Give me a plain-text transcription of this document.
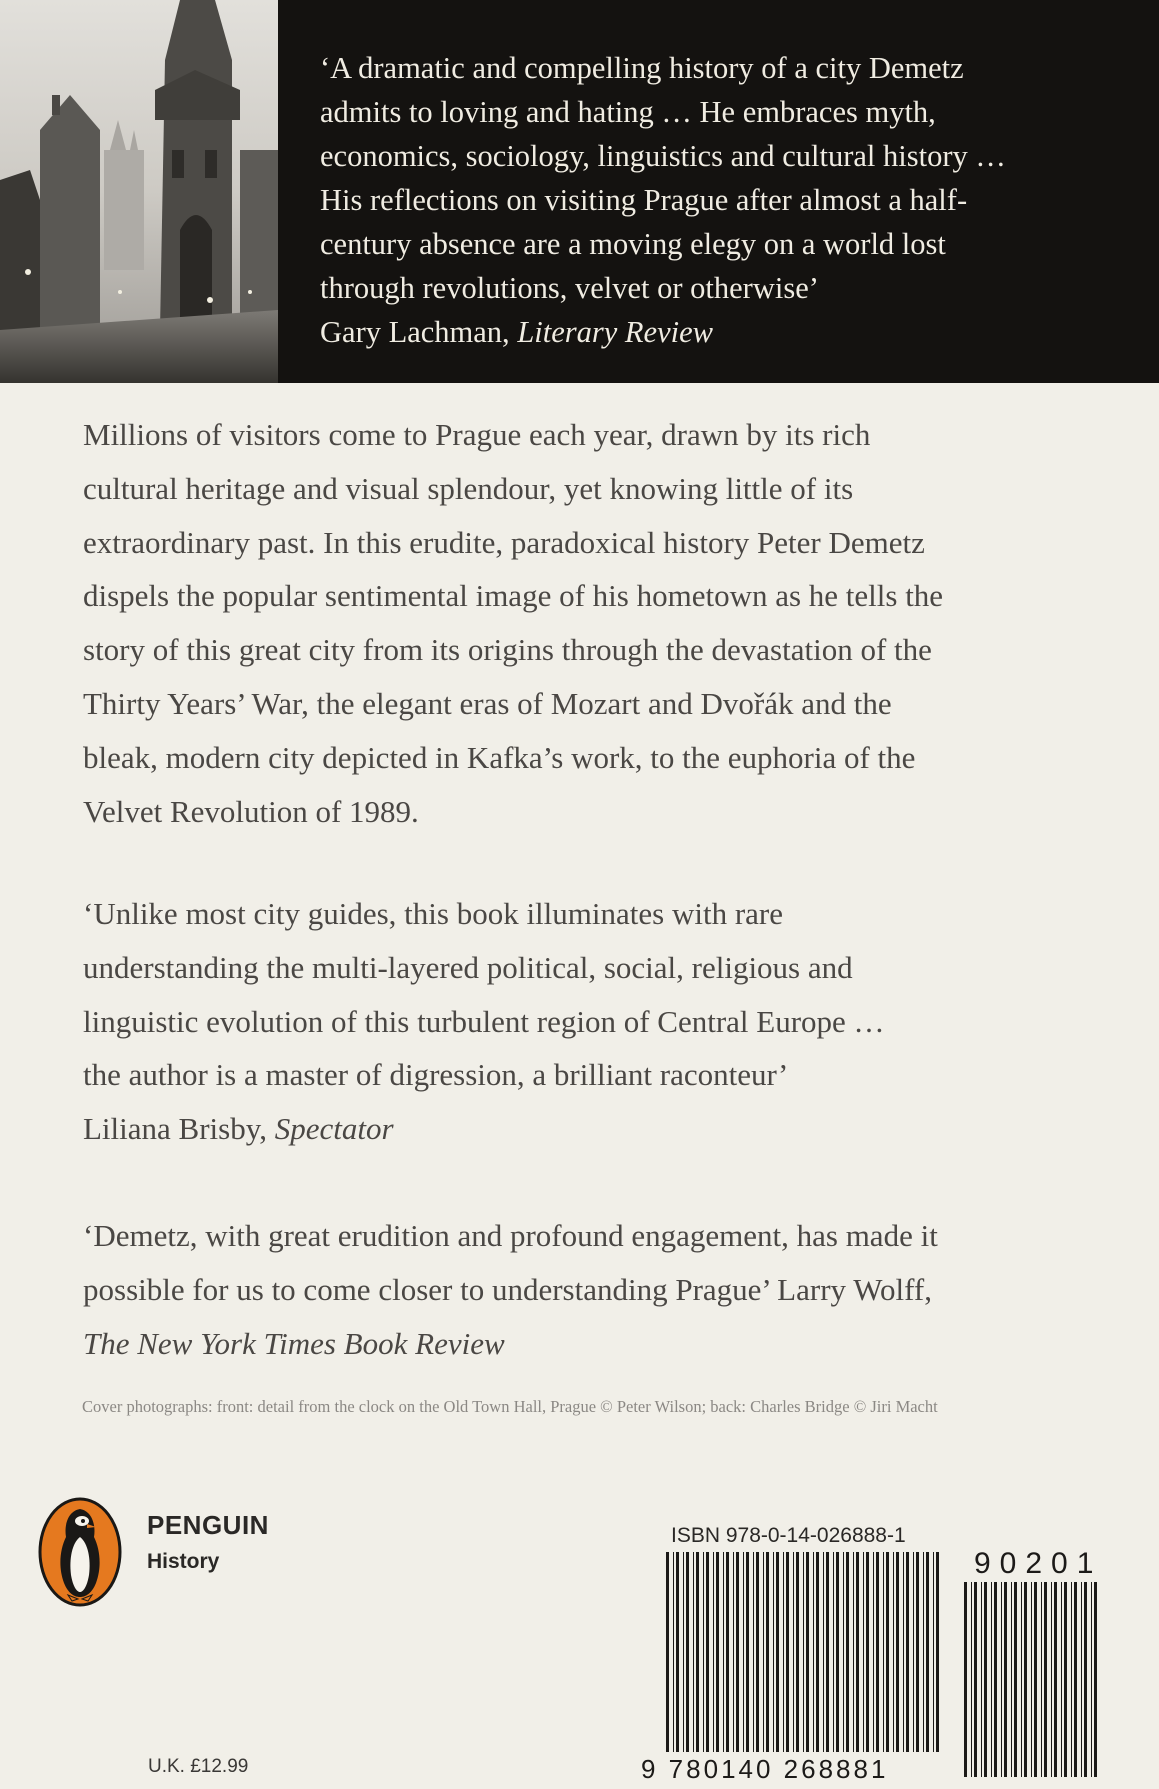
‘A dramatic and compelling history of a city Demetz
admits to loving and hating … He embraces myth,
economics, sociology, linguistics and cultural history …
His reflections on visiting Prague after almost a half-
century absence are a moving elegy on a world lost
through revolutions, velvet or otherwise’
Gary Lachman, Literary Review
Millions of visitors come to Prague each year, drawn by its rich
cultural heritage and visual splendour, yet knowing little of its
extraordinary past. In this erudite, paradoxical history Peter Demetz
dispels the popular sentimental image of his hometown as he tells the
story of this great city from its origins through the devastation of the
Thirty Years’ War, the elegant eras of Mozart and Dvořák and the
bleak, modern city depicted in Kafka’s work, to the euphoria of the
Velvet Revolution of 1989.
‘Unlike most city guides, this book illuminates with rare
understanding the multi-layered political, social, religious and
linguistic evolution of this turbulent region of Central Europe …
the author is a master of digression, a brilliant raconteur’
Liliana Brisby, Spectator
‘Demetz, with great erudition and profound engagement, has made it
possible for us to come closer to understanding Prague’ Larry Wolff,
The New York Times Book Review
Cover photographs: front: detail from the clock on the Old Town Hall, Prague © Peter Wilson; back: Charles Bridge © Jiri Macht
PENGUIN
History
U.K. £12.99
ISBN 978-0-14-026888-1
90201
9 780140 268881
